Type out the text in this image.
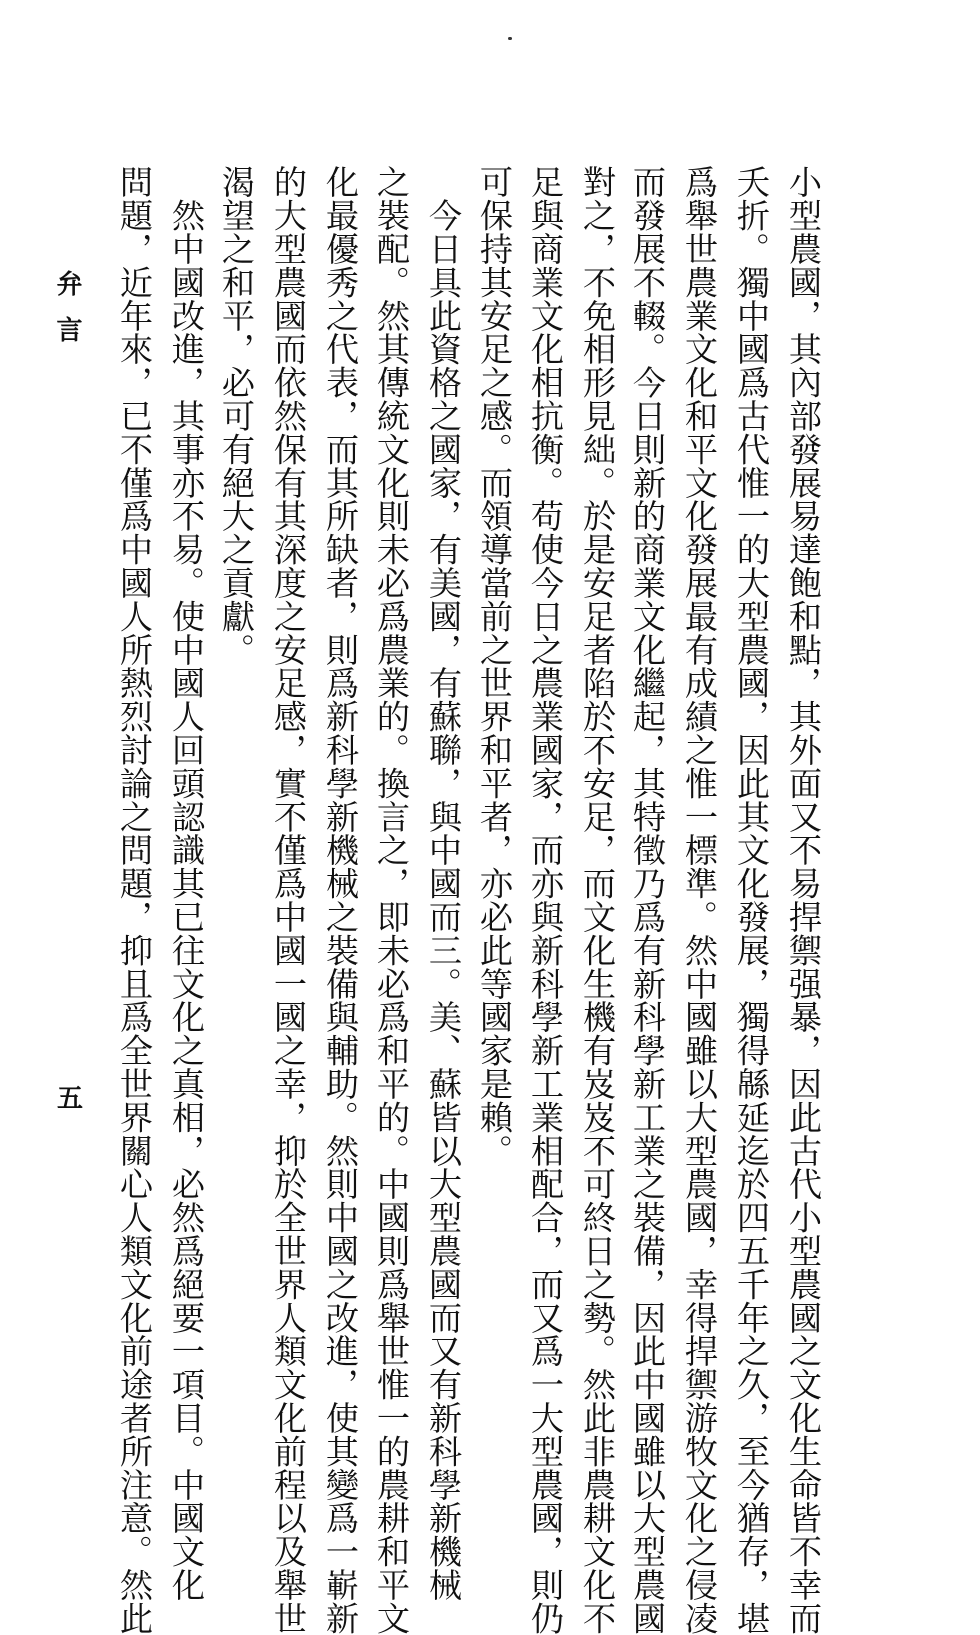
小型農國，其內部發展易達飽和點，其外面又不易捍禦强暴，因此古代小型農國之文化生命皆不幸而
夭折。獨中國爲古代惟一的大型農國，因此其文化發展，獨得緜延迄於四五千年之久，至今猶存，堪
爲舉世農業文化和平文化發展最有成績之惟一標準。然中國雖以大型農國，幸得捍禦游牧文化之侵凌
而發展不輟。今日則新的商業文化繼起，其特徵乃爲有新科學新工業之裝備，因此中國雖以大型農國
對之，不免相形見絀。於是安足者陷於不安足，而文化生機有岌岌不可終日之勢。然此非農耕文化不
足與商業文化相抗衡。苟使今日之農業國家，而亦與新科學新工業相配合，而又爲一大型農國，則仍
可保持其安足之感。而領導當前之世界和平者，亦必此等國家是賴。
　今日具此資格之國家，有美國，有蘇聯，與中國而三。美、蘇皆以大型農國而又有新科學新機械
之裝配。然其傳統文化則未必爲農業的。換言之，即未必爲和平的。中國則爲舉世惟一的農耕和平文
化最優秀之代表，而其所缺者，則爲新科學新機械之裝備與輔助。然則中國之改進，使其變爲一嶄新
的大型農國而依然保有其深度之安足感，實不僅爲中國一國之幸，抑於全世界人類文化前程以及舉世
渴望之和平，必可有絕大之貢獻。
　然中國改進，其事亦不易。使中國人回頭認識其已往文化之真相，必然爲絕要一項目。中國文化
問題，近年來，已不僅爲中國人所熱烈討論之問題，抑且爲全世界關心人類文化前途者所注意。然此
弁言
五
